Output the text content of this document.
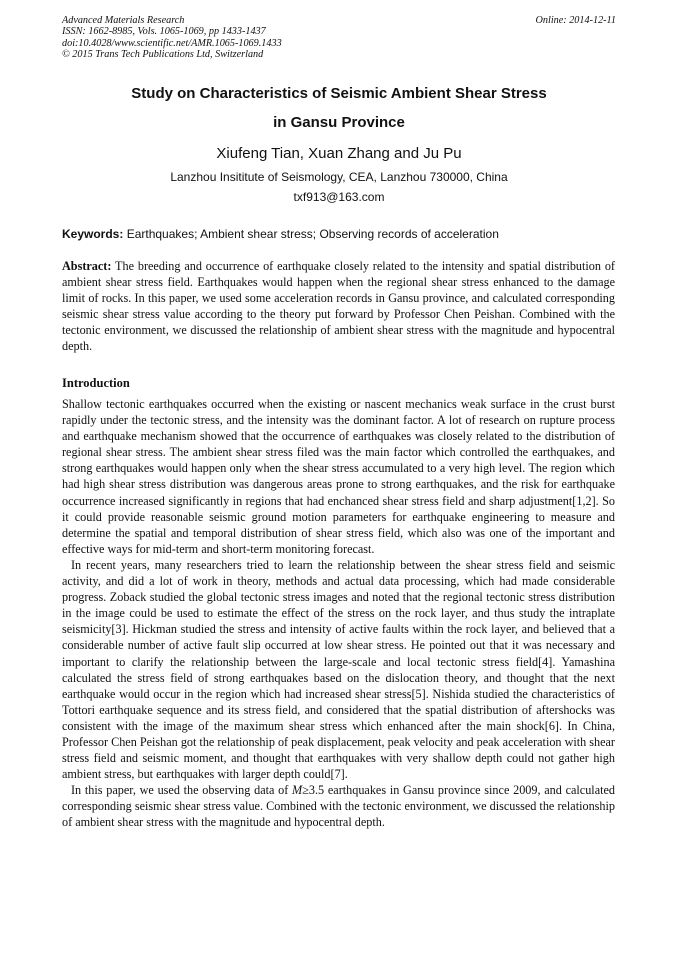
Advanced Materials Research
ISSN: 1662-8985, Vols. 1065-1069, pp 1433-1437
doi:10.4028/www.scientific.net/AMR.1065-1069.1433
© 2015 Trans Tech Publications Ltd, Switzerland
Online: 2014-12-11
Study on Characteristics of Seismic Ambient Shear Stress
in Gansu Province
Xiufeng Tian, Xuan Zhang and Ju Pu
Lanzhou Insititute of Seismology, CEA, Lanzhou 730000, China
txf913@163.com
Keywords: Earthquakes; Ambient shear stress; Observing records of acceleration
Abstract: The breeding and occurrence of earthquake closely related to the intensity and spatial distribution of ambient shear stress field. Earthquakes would happen when the regional shear stress enhanced to the damage limit of rocks. In this paper, we used some acceleration records in Gansu province, and calculated corresponding seismic shear stress value according to the theory put forward by Professor Chen Peishan. Combined with the tectonic environment, we discussed the relationship of ambient shear stress with the magnitude and hypocentral depth.
Introduction

Shallow tectonic earthquakes occurred when the existing or nascent mechanics weak surface in the crust burst rapidly under the tectonic stress, and the intensity was the dominant factor. A lot of research on rupture process and earthquake mechanism showed that the occurrence of earthquakes was closely related to the distribution of regional shear stress. The ambient shear stress filed was the main factor which controlled the earthquakes, and strong earthquakes would happen only when the shear stress accumulated to a very high level. The region which had high shear stress distribution was dangerous areas prone to strong earthquakes, and the risk for earthquake occurrence increased significantly in regions that had enchanced shear stress field and sharp adjustment[1,2]. So it could provide reasonable seismic ground motion parameters for earthquake engineering to measure and determine the spatial and temporal distribution of shear stress field, which also was one of the important and effective ways for mid-term and short-term monitoring forecast.

In recent years, many researchers tried to learn the relationship between the shear stress field and seismic activity, and did a lot of work in theory, methods and actual data processing, which had made considerable progress. Zoback studied the global tectonic stress images and noted that the regional tectonic stress distribution in the image could be used to estimate the effect of the stress on the rock layer, and thus study the intraplate seismicity[3]. Hickman studied the stress and intensity of active faults within the rock layer, and believed that a considerable number of active fault slip occurred at low shear stress. He pointed out that it was necessary and important to clarify the relationship between the large-scale and local tectonic stress field[4]. Yamashina calculated the stress field of strong earthquakes based on the dislocation theory, and thought that the next earthquake would occur in the region which had increased shear stress[5]. Nishida studied the characteristics of Tottori earthquake sequence and its stress field, and considered that the spatial distribution of aftershocks was consistent with the image of the maximum shear stress which enhanced after the main shock[6]. In China, Professor Chen Peishan got the relationship of peak displacement, peak velocity and peak acceleration with shear stress field and seismic moment, and thought that earthquakes with very shallow depth could not gather high ambient stress, but earthquakes with larger depth could[7].

In this paper, we used the observing data of M≥3.5 earthquakes in Gansu province since 2009, and calculated corresponding seismic shear stress value. Combined with the tectonic environment, we discussed the relationship of ambient shear stress with the magnitude and hypocentral depth.
